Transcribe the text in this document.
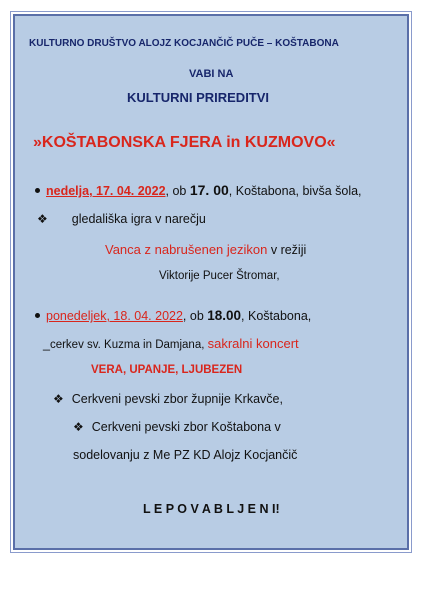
KULTURNO DRUŠTVO ALOJZ KOCJANČIČ PUČE – KOŠTABONA
VABI NA
KULTURNI PRIREDITVI
»KOŠTABONSKA FJERA in KUZMOVO«
nedelja, 17. 04. 2022, ob 17. 00, Koštabona, bivša šola,
❖ gledališka igra v narečju
Vanca z nabrušenen jezikon v režiji
Viktorije Pucer Štromar,
ponedeljek, 18. 04. 2022, ob 18.00, Koštabona,
_cerkev sv. Kuzma in Damjana, sakralni koncert
VERA, UPANJE, LJUBEZEN
❖ Cerkveni pevski zbor župnije Krkavče,
❖ Cerkveni pevski zbor Koštabona v
sodelovanju z Me PZ KD Alojz Kocjančič
L E P O V A B L J E N I!
